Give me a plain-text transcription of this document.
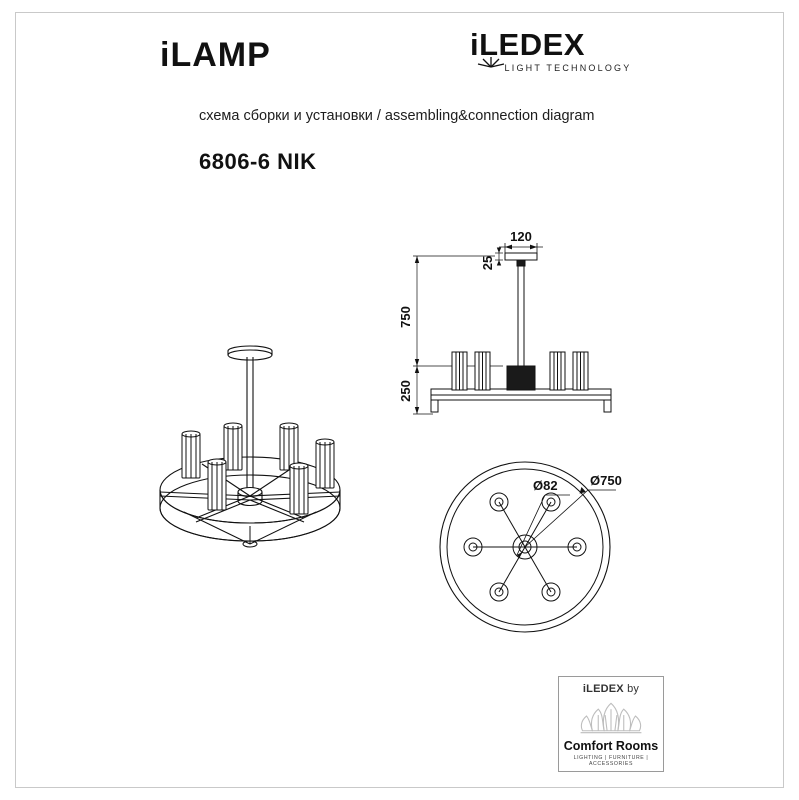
iLAMP	iLEDEX
LIGHT TECHNOLOGY
схема сборки и установки / assembling&connection diagram
6806-6 NIK
120
25
750
250
Ø82 Ø750
iLEDEX by
Comfort Rooms
LIGHTING | FURNITURE | ACCESSORIES
